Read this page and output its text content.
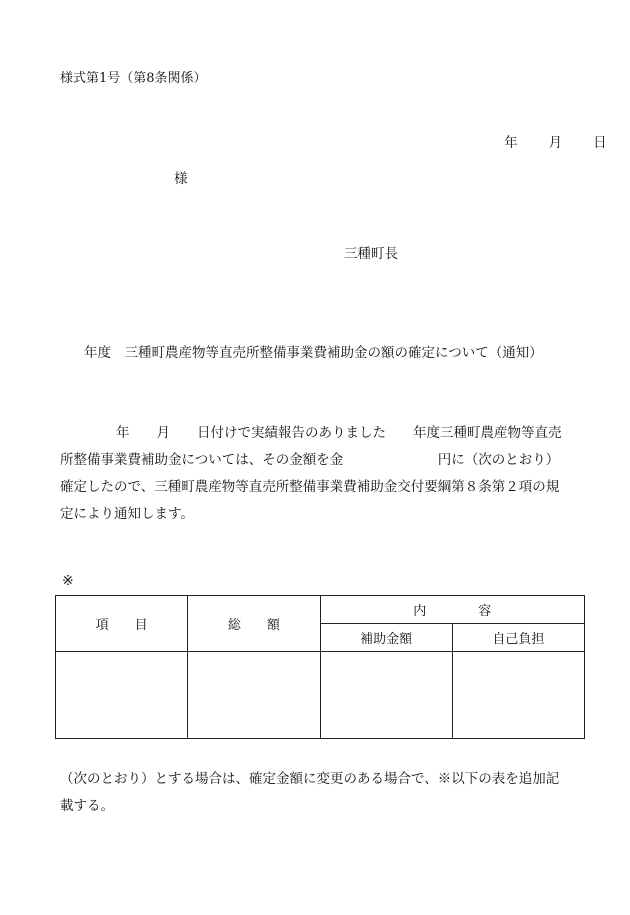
様式第1号（第8条関係）

年 月 日

様
三種町長
年度　三種町農産物等直売所整備事業費補助金の額の確定について（通知）
年　　月　　日付けで実績報告のありました　　年度三種町農産物等直売
所整備事業費補助金については、その金額を金　　　　　　　円に（次のとおり）
確定したので、三種町農産物等直売所整備事業費補助金交付要綱第８条第２項の規
定により通知します。
※
項　　目	総　　額	内　　　　容	
		補助金額	自己負担

（次のとおり）とする場合は、確定金額に変更のある場合で、※以下の表を追加記
載する。
